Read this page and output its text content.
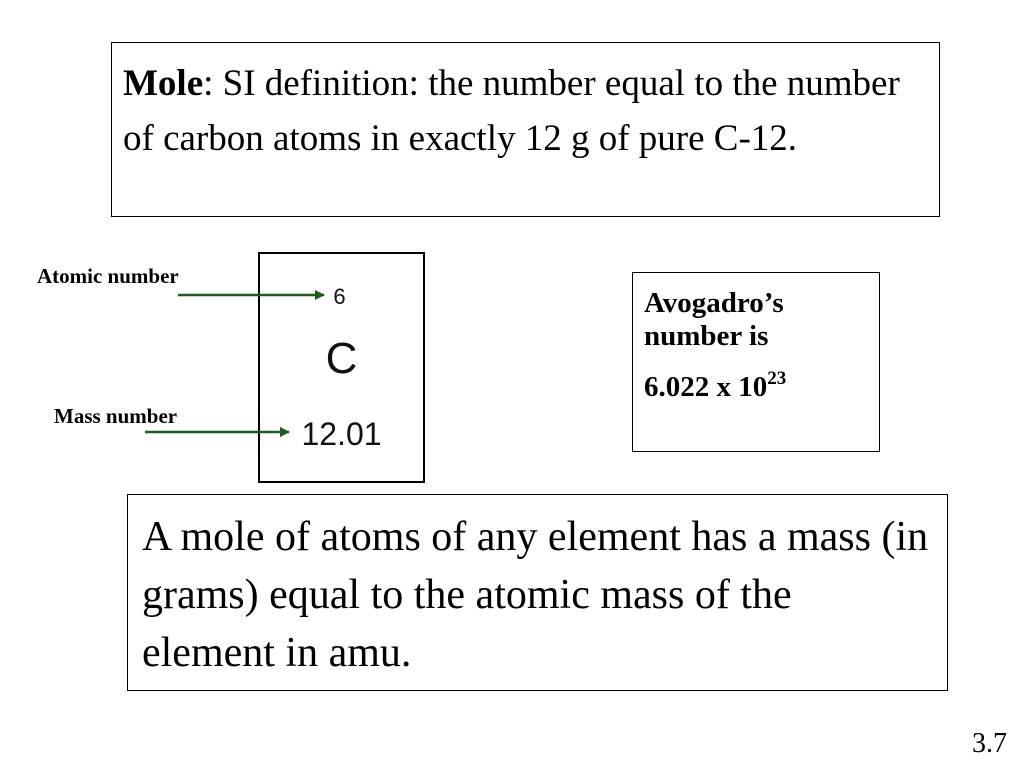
Mole: SI definition: the number equal to the number of carbon atoms in exactly 12 g of pure C-12.
Atomic number
Mass number
6
C
12.01
Avogadro’s
number is
6.022 x $10^{23}$
A mole of atoms of any element has a mass (in grams) equal to the atomic mass of the element in amu.
3.7
